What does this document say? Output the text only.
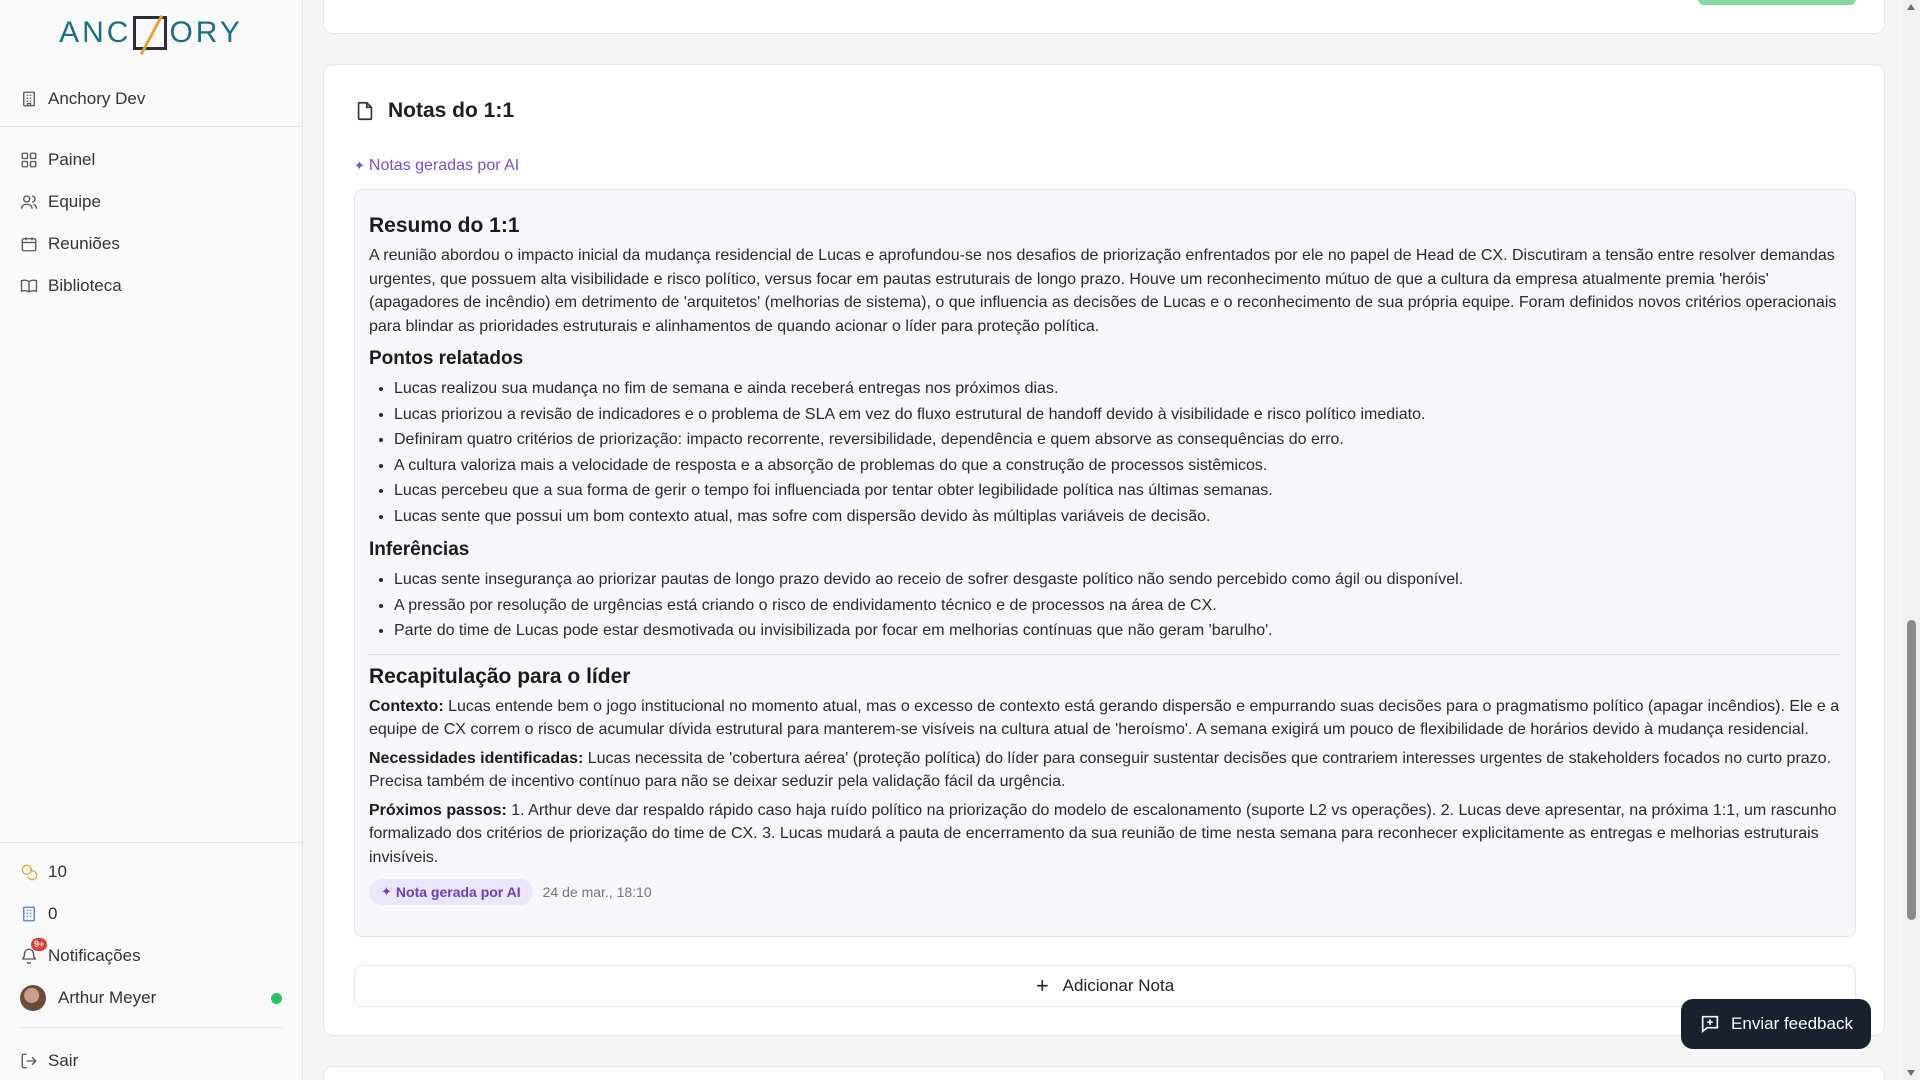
ANC ORY
Anchory Dev
Painel
Equipe
Reuniões
Biblioteca
10
0
9+
Notificações
Arthur Meyer
Sair
Notas do 1:1
✦ Notas geradas por AI
Resumo do 1:1

A reunião abordou o impacto inicial da mudança residencial de Lucas e aprofundou-se nos desafios de priorização enfrentados por ele no papel de Head de CX. Discutiram a tensão entre resolver demandas urgentes, que possuem alta visibilidade e risco político, versus focar em pautas estruturais de longo prazo. Houve um reconhecimento mútuo de que a cultura da empresa atualmente premia 'heróis' (apagadores de incêndio) em detrimento de 'arquitetos' (melhorias de sistema), o que influencia as decisões de Lucas e o reconhecimento de sua própria equipe. Foram definidos novos critérios operacionais para blindar as prioridades estruturais e alinhamentos de quando acionar o líder para proteção política.

Pontos relatados
• Lucas realizou sua mudança no fim de semana e ainda receberá entregas nos próximos dias.
• Lucas priorizou a revisão de indicadores e o problema de SLA em vez do fluxo estrutural de handoff devido à visibilidade e risco político imediato.
• Definiram quatro critérios de priorização: impacto recorrente, reversibilidade, dependência e quem absorve as consequências do erro.
• A cultura valoriza mais a velocidade de resposta e a absorção de problemas do que a construção de processos sistêmicos.
• Lucas percebeu que a sua forma de gerir o tempo foi influenciada por tentar obter legibilidade política nas últimas semanas.
• Lucas sente que possui um bom contexto atual, mas sofre com dispersão devido às múltiplas variáveis de decisão.
Inferências
• Lucas sente insegurança ao priorizar pautas de longo prazo devido ao receio de sofrer desgaste político não sendo percebido como ágil ou disponível.
• A pressão por resolução de urgências está criando o risco de endividamento técnico e de processos na área de CX.
• Parte do time de Lucas pode estar desmotivada ou invisibilizada por focar em melhorias contínuas que não geram 'barulho'.
Recapitulação para o líder

Contexto: Lucas entende bem o jogo institucional no momento atual, mas o excesso de contexto está gerando dispersão e empurrando suas decisões para o pragmatismo político (apagar incêndios). Ele e a equipe de CX correm o risco de acumular dívida estrutural para manterem-se visíveis na cultura atual de 'heroísmo'. A semana exigirá um pouco de flexibilidade de horários devido à mudança residencial.

Necessidades identificadas: Lucas necessita de 'cobertura aérea' (proteção política) do líder para conseguir sustentar decisões que contrariem interesses urgentes de stakeholders focados no curto prazo. Precisa também de incentivo contínuo para não se deixar seduzir pela validação fácil da urgência.

Próximos passos: 1. Arthur deve dar respaldo rápido caso haja ruído político na priorização do modelo de escalonamento (suporte L2 vs operações). 2. Lucas deve apresentar, na próxima 1:1, um rascunho formalizado dos critérios de priorização do time de CX. 3. Lucas mudará a pauta de encerramento da sua reunião de time nesta semana para reconhecer explicitamente as entregas e melhorias estruturais invisíveis.

✦ Nota gerada por AI 24 de mar., 18:10
+ Adicionar Nota
Enviar feedback
